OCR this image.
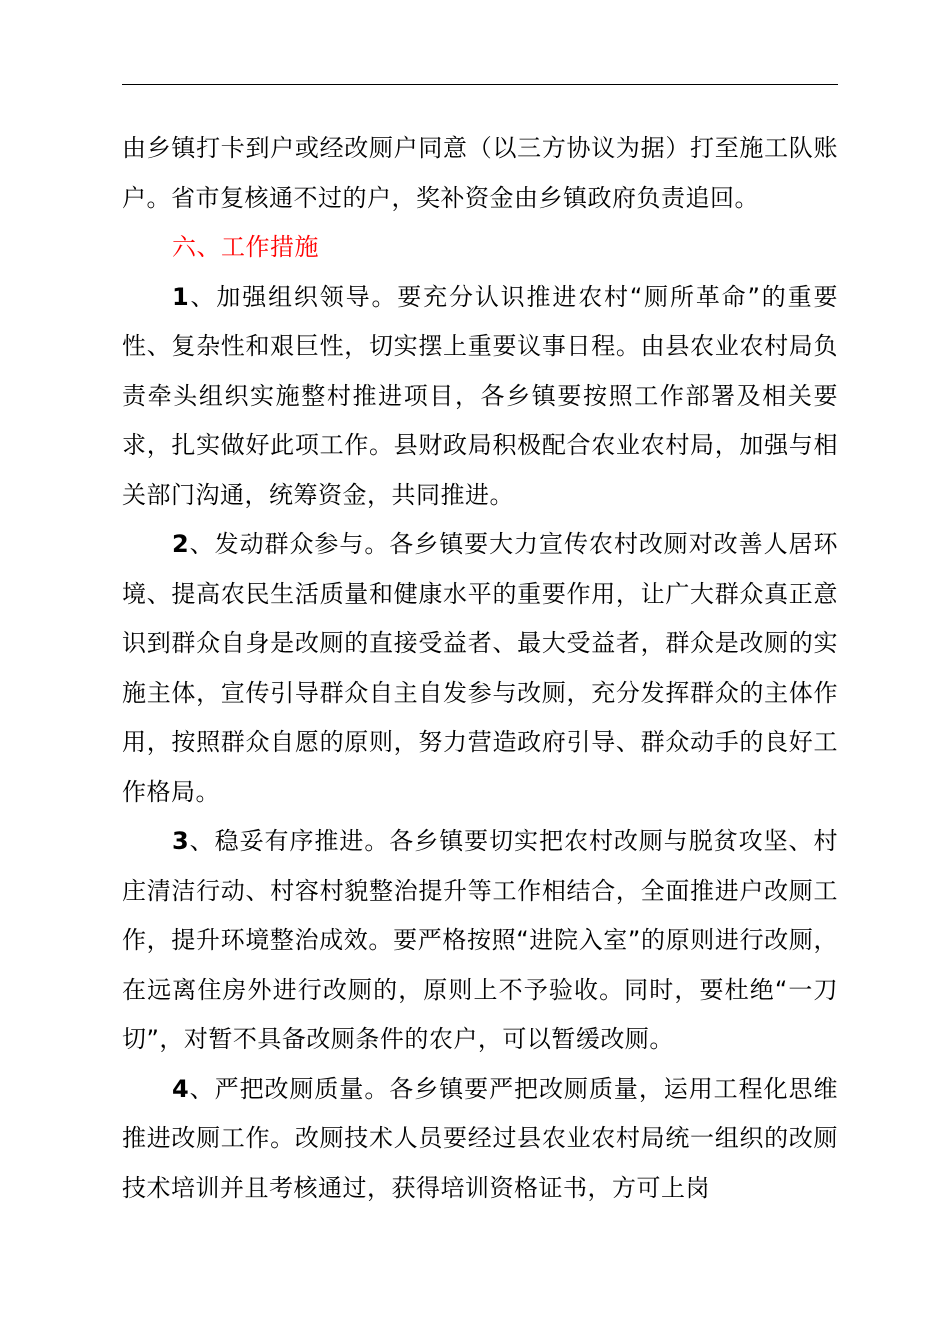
由乡镇打卡到户或经改厕户同意（以三方协议为据）打至施工队账户。省市复核通不过的户，奖补资金由乡镇政府负责追回。

六、工作措施

1、加强组织领导。要充分认识推进农村“厕所革命”的重要性、复杂性和艰巨性，切实摆上重要议事日程。由县农业农村局负责牵头组织实施整村推进项目，各乡镇要按照工作部署及相关要求，扎实做好此项工作。县财政局积极配合农业农村局，加强与相关部门沟通，统筹资金，共同推进。

2、发动群众参与。各乡镇要大力宣传农村改厕对改善人居环境、提高农民生活质量和健康水平的重要作用，让广大群众真正意识到群众自身是改厕的直接受益者、最大受益者，群众是改厕的实施主体，宣传引导群众自主自发参与改厕，充分发挥群众的主体作用，按照群众自愿的原则，努力营造政府引导、群众动手的良好工作格局。

3、稳妥有序推进。各乡镇要切实把农村改厕与脱贫攻坚、村庄清洁行动、村容村貌整治提升等工作相结合，全面推进户改厕工作，提升环境整治成效。要严格按照“进院入室”的原则进行改厕，在远离住房外进行改厕的，原则上不予验收。同时，要杜绝“一刀切”，对暂不具备改厕条件的农户，可以暂缓改厕。

4、严把改厕质量。各乡镇要严把改厕质量，运用工程化思维推进改厕工作。改厕技术人员要经过县农业农村局统一组织的改厕技术培训并且考核通过，获得培训资格证书，方可上岗
